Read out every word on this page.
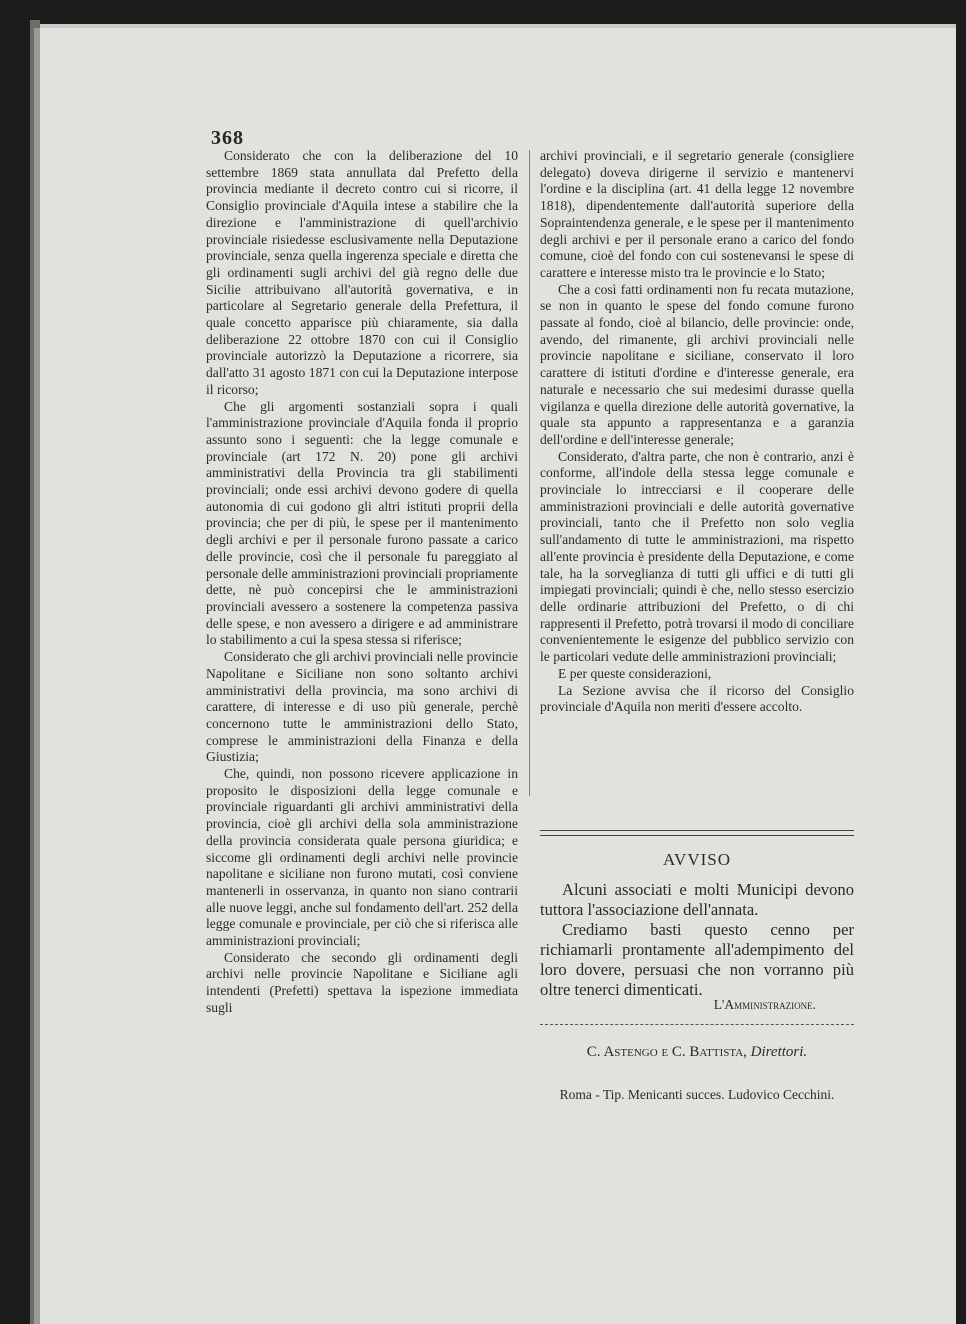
368

Considerato che con la deliberazione del 10 settembre 1869 stata annullata dal Prefetto della provincia mediante il decreto contro cui si ricorre, il Consiglio provinciale d'Aquila intese a stabilire che la direzione e l'amministrazione di quell'archivio provinciale risiedesse esclusivamente nella Deputazione provinciale, senza quella ingerenza speciale e diretta che gli ordinamenti sugli archivi del già regno delle due Sicilie attribuivano all'autorità governativa, e in particolare al Segretario generale della Prefettura, il quale concetto apparisce più chiaramente, sia dalla deliberazione 22 ottobre 1870 con cui il Consiglio provinciale autorizzò la Deputazione a ricorrere, sia dall'atto 31 agosto 1871 con cui la Deputazione interpose il ricorso;

Che gli argomenti sostanziali sopra i quali l'amministrazione provinciale d'Aquila fonda il proprio assunto sono i seguenti: che la legge comunale e provinciale (art 172 N. 20) pone gli archivi amministrativi della Provincia tra gli stabilimenti provinciali; onde essi archivi devono godere di quella autonomia di cui godono gli altri istituti proprii della provincia; che per di più, le spese per il mantenimento degli archivi e per il personale furono passate a carico delle provincie, così che il personale fu pareggiato al personale delle amministrazioni provinciali propriamente dette, nè può concepirsi che le amministrazioni provinciali avessero a sostenere la competenza passiva delle spese, e non avessero a dirigere e ad amministrare lo stabilimento a cui la spesa stessa si riferisce;

Considerato che gli archivi provinciali nelle provincie Napolitane e Siciliane non sono soltanto archivi amministrativi della provincia, ma sono archivi di carattere, di interesse e di uso più generale, perchè concernono tutte le amministrazioni dello Stato, comprese le amministrazioni della Finanza e della Giustizia;

Che, quindi, non possono ricevere applicazione in proposito le disposizioni della legge comunale e provinciale riguardanti gli archivi amministrativi della provincia, cioè gli archivi della sola amministrazione della provincia considerata quale persona giuridica; e siccome gli ordinamenti degli archivi nelle provincie napolitane e siciliane non furono mutati, così conviene mantenerli in osservanza, in quanto non siano contrarii alle nuove leggi, anche sul fondamento dell'art. 252 della legge comunale e provinciale, per ciò che si riferisca alle amministrazioni provinciali;

Considerato che secondo gli ordinamenti degli archivi nelle provincie Napolitane e Siciliane agli intendenti (Prefetti) spettava la ispezione immediata sugli

archivi provinciali, e il segretario generale (consigliere delegato) doveva dirigerne il servizio e mantenervi l'ordine e la disciplina (art. 41 della legge 12 novembre 1818), dipendentemente dall'autorità superiore della Sopraintendenza generale, e le spese per il mantenimento degli archivi e per il personale erano a carico del fondo comune, cioè del fondo con cui sostenevansi le spese di carattere e interesse misto tra le provincie e lo Stato;

Che a così fatti ordinamenti non fu recata mutazione, se non in quanto le spese del fondo comune furono passate al fondo, cioè al bilancio, delle provincie: onde, avendo, del rimanente, gli archivi provinciali nelle provincie napolitane e siciliane, conservato il loro carattere di istituti d'ordine e d'interesse generale, era naturale e necessario che sui medesimi durasse quella vigilanza e quella direzione delle autorità governative, la quale sta appunto a rappresentanza e a garanzia dell'ordine e dell'interesse generale;

Considerato, d'altra parte, che non è contrario, anzi è conforme, all'indole della stessa legge comunale e provinciale lo intrecciarsi e il cooperare delle amministrazioni provinciali e delle autorità governative provinciali, tanto che il Prefetto non solo veglia sull'andamento di tutte le amministrazioni, ma rispetto all'ente provincia è presidente della Deputazione, e come tale, ha la sorveglianza di tutti gli uffici e di tutti gli impiegati provinciali; quindi è che, nello stesso esercizio delle ordinarie attribuzioni del Prefetto, o di chi rappresenti il Prefetto, potrà trovarsi il modo di conciliare convenientemente le esigenze del pubblico servizio con le particolari vedute delle amministrazioni provinciali;

E per queste considerazioni,

La Sezione avvisa che il ricorso del Consiglio provinciale d'Aquila non meriti d'essere accolto.

AVVISO

Alcuni associati e molti Municipi devono tuttora l'associazione dell'annata.

Crediamo basti questo cenno per richiamarli prontamente all'adempimento del loro dovere, persuasi che non vorranno più oltre tenerci dimenticati.

L'Amministrazione.
C. Astengo e C. Battista, Direttori.
Roma - Tip. Menicanti succes. Ludovico Cecchini.
